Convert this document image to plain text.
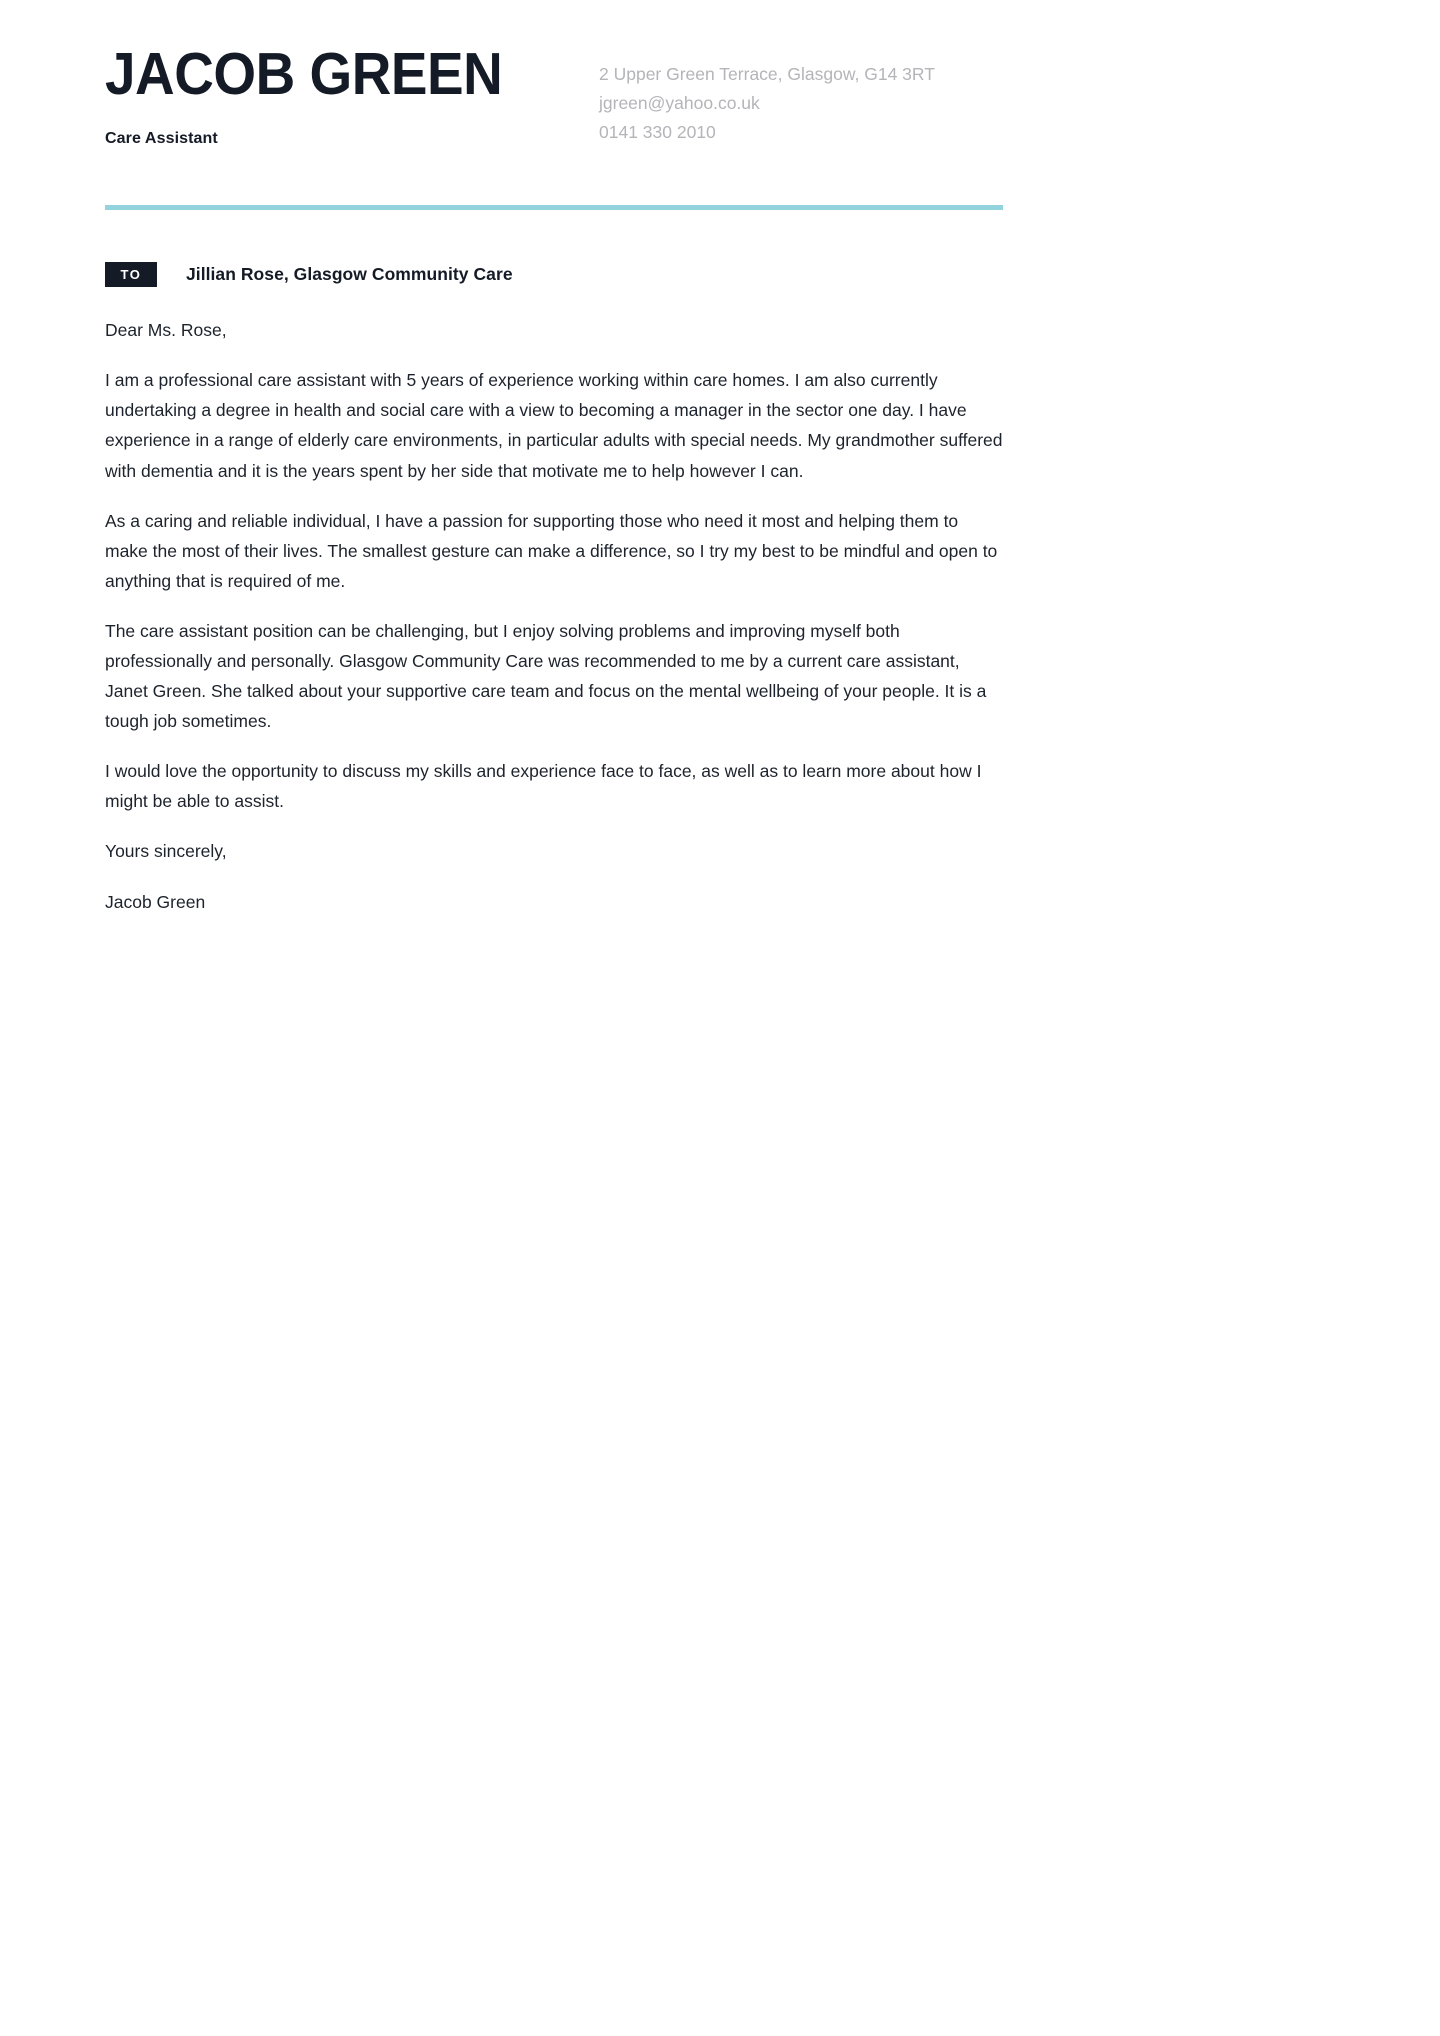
JACOB GREEN

Care Assistant

2 Upper Green Terrace, Glasgow, G14 3RT
jgreen@yahoo.co.uk
0141 330 2010
TO	Jillian Rose, Glasgow Community Care

Dear Ms. Rose,

I am a professional care assistant with 5 years of experience working within care homes. I am also currently undertaking a degree in health and social care with a view to becoming a manager in the sector one day. I have experience in a range of elderly care environments, in particular adults with special needs. My grandmother suffered with dementia and it is the years spent by her side that motivate me to help however I can.

As a caring and reliable individual, I have a passion for supporting those who need it most and helping them to make the most of their lives. The smallest gesture can make a difference, so I try my best to be mindful and open to anything that is required of me.

The care assistant position can be challenging, but I enjoy solving problems and improving myself both professionally and personally. Glasgow Community Care was recommended to me by a current care assistant, Janet Green. She talked about your supportive care team and focus on the mental wellbeing of your people. It is a tough job sometimes.

I would love the opportunity to discuss my skills and experience face to face, as well as to learn more about how I might be able to assist.

Yours sincerely,

Jacob Green
